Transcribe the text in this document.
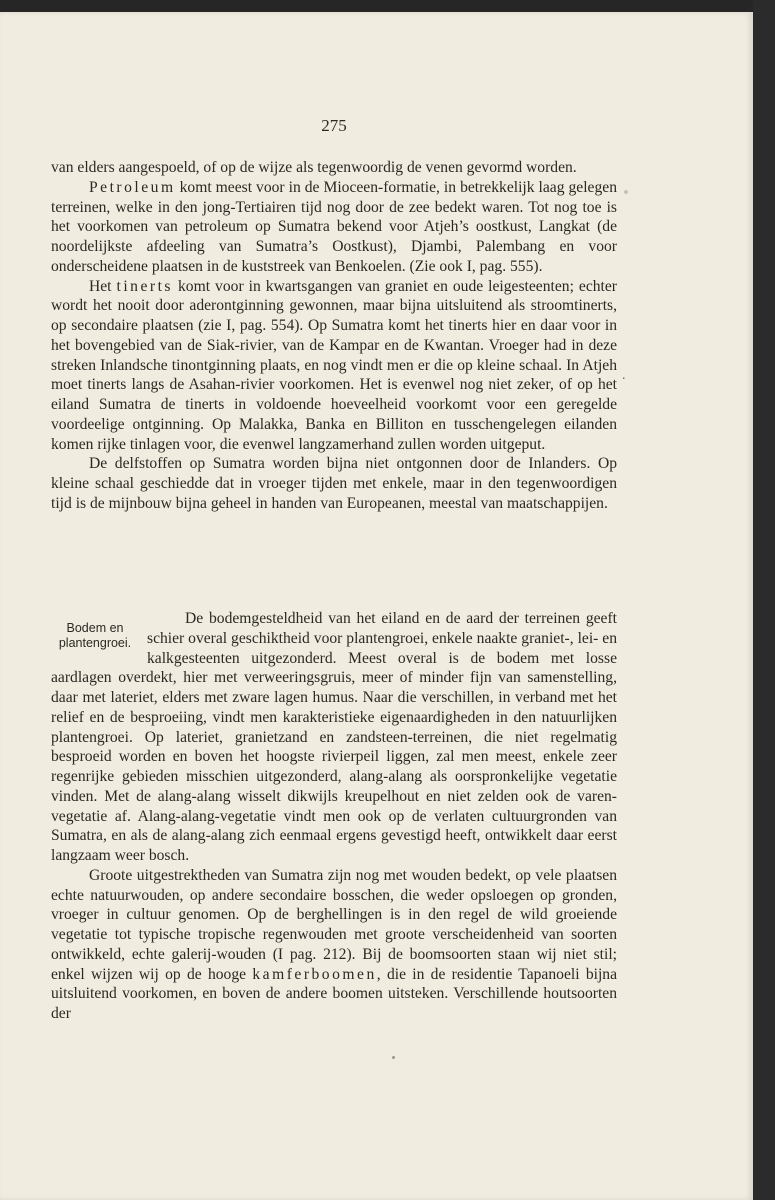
275

van elders aangespoeld, of op de wijze als tegenwoordig de venen gevormd worden.

Petroleum komt meest voor in de Mioceen-formatie, in betrekkelijk laag gelegen terreinen, welke in den jong-Tertiairen tijd nog door de zee bedekt waren. Tot nog toe is het voorkomen van petroleum op Sumatra bekend voor Atjeh’s oostkust, Langkat (de noordelijkste afdeeling van Sumatra’s Oostkust), Djambi, Palembang en voor onderscheidene plaatsen in de kuststreek van Benkoelen. (Zie ook I, pag. 555).

Het tinerts komt voor in kwartsgangen van graniet en oude leigesteenten; echter wordt het nooit door aderontginning gewonnen, maar bijna uitsluitend als stroomtinerts, op secondaire plaatsen (zie I, pag. 554). Op Sumatra komt het tinerts hier en daar voor in het bovengebied van de Siak-rivier, van de Kampar en de Kwantan. Vroeger had in deze streken Inlandsche tinontginning plaats, en nog vindt men er die op kleine schaal. In Atjeh moet tinerts langs de Asahan-rivier voorkomen. Het is evenwel nog niet zeker, of op het eiland Sumatra de tinerts in voldoende hoeveelheid voorkomt voor een geregelde voordeelige ontginning. Op Malakka, Banka en Billiton en tusschengelegen eilanden komen rijke tinlagen voor, die evenwel langzamerhand zullen worden uitgeput.

De delfstoffen op Sumatra worden bijna niet ontgonnen door de Inlanders. Op kleine schaal geschiedde dat in vroeger tijden met enkele, maar in den tegenwoordigen tijd is de mijnbouw bijna geheel in handen van Europeanen, meestal van maatschappijen.

Bodem en
plantengroei.

De bodemgesteldheid van het eiland en de aard der terreinen geeft schier overal geschiktheid voor plantengroei, enkele naakte graniet-, lei- en kalkgesteenten uitgezonderd. Meest overal is de bodem met losse aardlagen overdekt, hier met verweeringsgruis, meer of minder fijn van samenstelling, daar met lateriet, elders met zware lagen humus. Naar die verschillen, in verband met het relief en de besproeiing, vindt men karakteristieke eigenaardigheden in den natuurlijken plantengroei. Op lateriet, granietzand en zandsteen-terreinen, die niet regelmatig besproeid worden en boven het hoogste rivierpeil liggen, zal men meest, enkele zeer regenrijke gebieden misschien uitgezonderd, alang-alang als oorspronkelijke vegetatie vinden. Met de alang-alang wisselt dikwijls kreupelhout en niet zelden ook de varen-vegetatie af. Alang-alang-vegetatie vindt men ook op de verlaten cultuurgronden van Sumatra, en als de alang-alang zich eenmaal ergens gevestigd heeft, ontwikkelt daar eerst langzaam weer bosch.

Groote uitgestrektheden van Sumatra zijn nog met wouden bedekt, op vele plaatsen echte natuurwouden, op andere secondaire bosschen, die weder opsloegen op gronden, vroeger in cultuur genomen. Op de berghellingen is in den regel de wild groeiende vegetatie tot typische tropische regenwouden met groote verscheidenheid van soorten ontwikkeld, echte galerij-wouden (I pag. 212). Bij de boomsoorten staan wij niet stil; enkel wijzen wij op de hooge kamferboomen, die in de residentie Tapanoeli bijna uitsluitend voorkomen, en boven de andere boomen uitsteken. Verschillende houtsoorten der

.
